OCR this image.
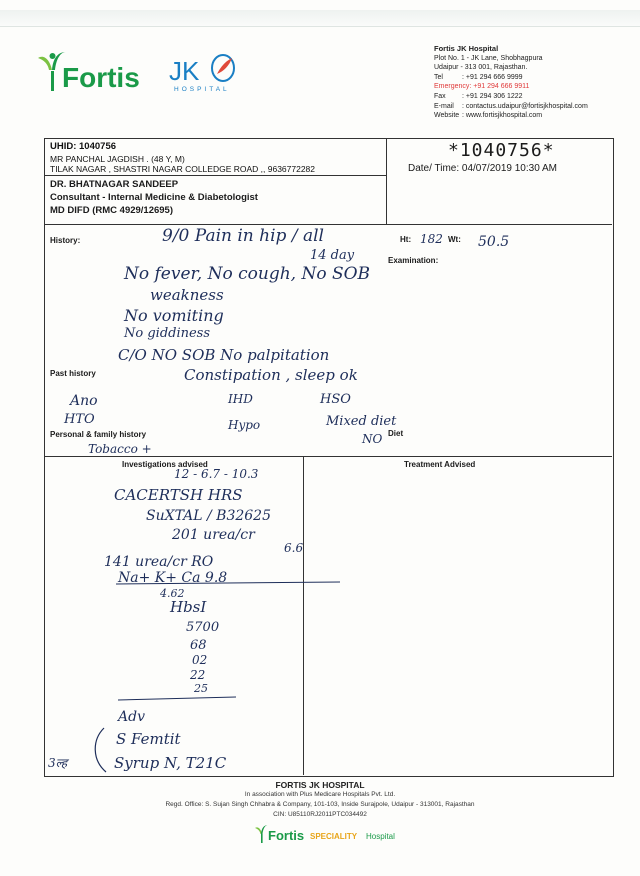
Fortis JK
HOSPITAL
Fortis JK Hospital
Plot No. 1 - JK Lane, Shobhagpura
Udaipur - 313 001, Rajasthan.
Tel	: +91 294 666 9999
Emergency: +91 294 666 9911
Fax : +91 294 306 1222
E-mail : contactus.udaipur@fortisjkhospital.com
Website : www.fortisjkhospital.com
UHID: 1040756
MR PANCHAL JAGDISH . (48 Y, M)
TILAK NAGAR , SHASTRI NAGAR COLLEDGE ROAD ,, 9636772282
*1040756*
Date/ Time: 04/07/2019 10:30 AM
DR. BHATNAGAR SANDEEP
Consultant - Internal Medicine & Diabetologist
MD DIFD (RMC 4929/12695)
History:	Ht:	Wt:
Examination:
Past history
Personal & family history	Diet
Investigations advised	Treatment Advised
182	50.5
9/0 Pain in hip / all
14 day
No fever, No cough, No SOB
weakness
No vomiting
No giddiness
C/O NO SOB No palpitation
Constipation , sleep ok
Ano
HTO
HSO
IHD
Hypo	Mixed diet
NO
Tobacco +
12 - 6.7 - 10.3
CACERTSH HRS
SuXTAL / B32625
201 urea/cr
6.6
141 urea/cr RO
Na+ K+ Ca 9.8
4.62
HbsI
5700
68
02
22
25
Adv
S Femtit
Syrup N, T21C
3ल्ह
FORTIS JK HOSPITAL
In association with Plus Medicare Hospitals Pvt. Ltd.
Regd. Office: S. Sujan Singh Chhabra & Company, 101-103, Inside Surajpole, Udaipur - 313001, Rajasthan
CIN: U85110RJ2011PTC034492
Fortis SPECIALITY Hospital
